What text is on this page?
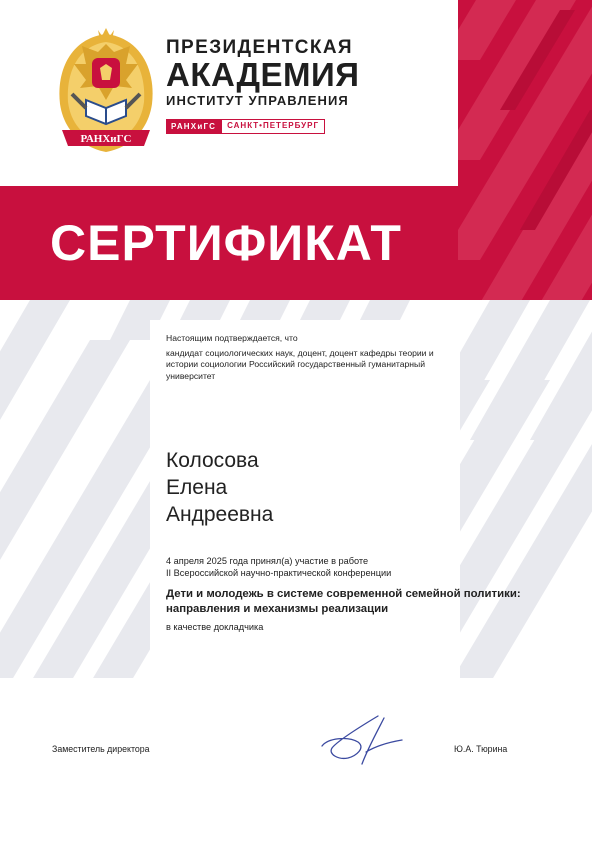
РАНХиГС
ПРЕЗИДЕНТСКАЯ
АКАДЕМИЯ
ИНСТИТУТ УПРАВЛЕНИЯ
РАНХиГС	САНКТ•ПЕТЕРБУРГ
СЕРТИФИКАТ
Настоящим подтверждается, что
кандидат социологических наук, доцент, доцент кафедры теории и истории социологии Российский государственный гуманитарный университет
Колосова
Елена
Андреевна
4 апреля 2025 года принял(а) участие в работе
II Всероссийской научно-практической конференции
Дети и молодежь в системе современной семейной политики: направления и механизмы реализации
в качестве докладчика
Заместитель директора	Ю.А. Тюрина
